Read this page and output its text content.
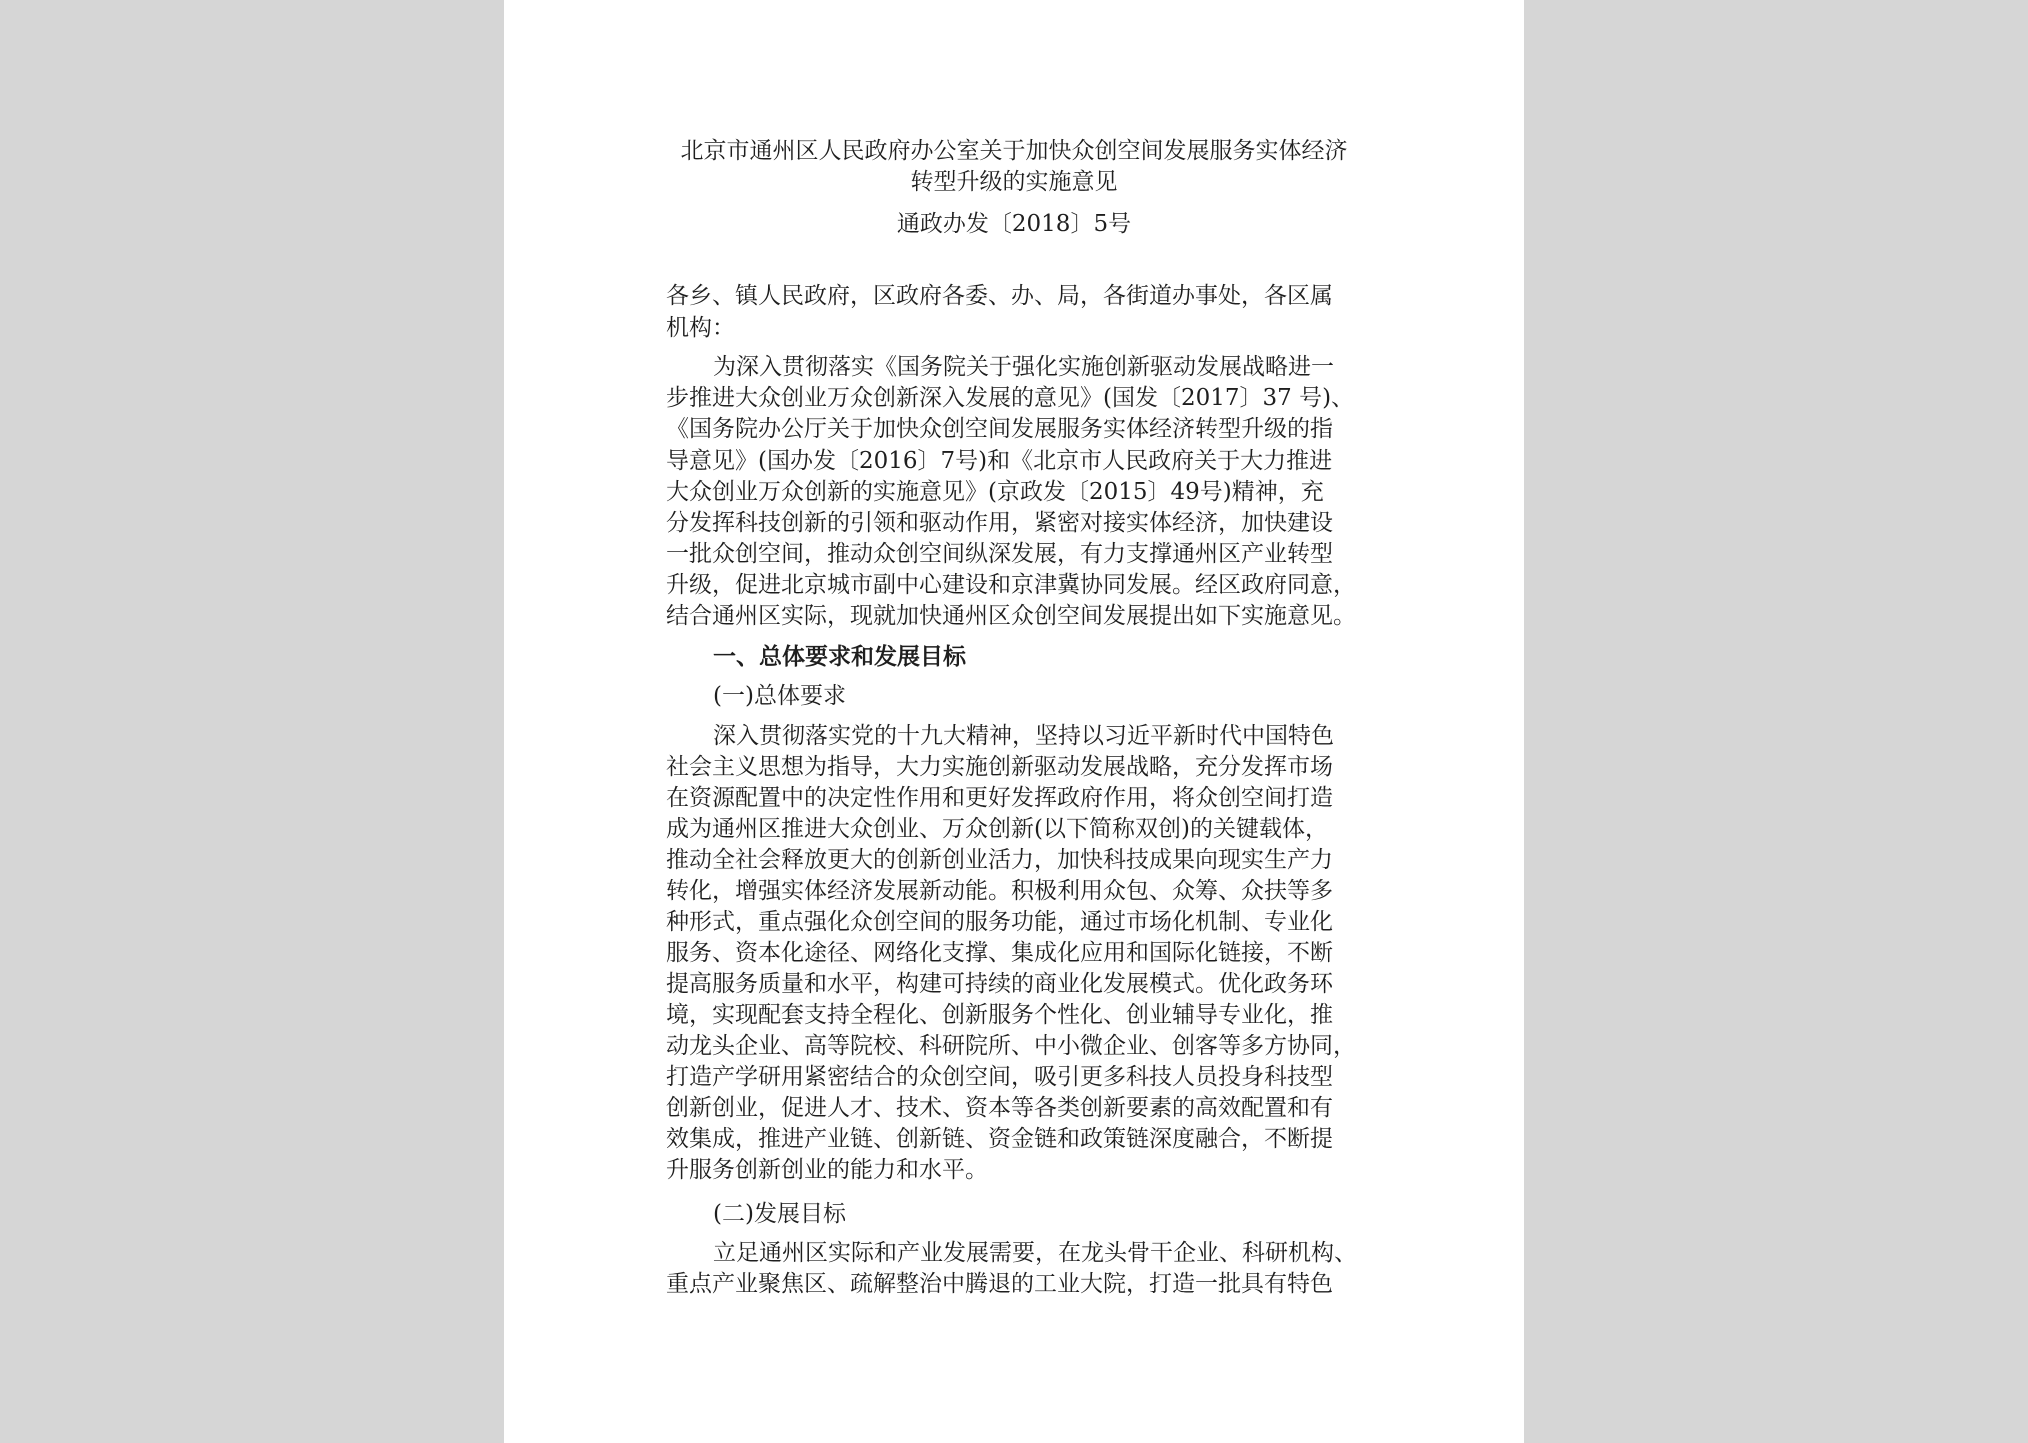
北京市通州区人民政府办公室关于加快众创空间发展服务实体经济
转型升级的实施意见
通政办发〔2018〕5号
各乡、镇人民政府，区政府各委、办、局，各街道办事处，各区属
机构：
为深入贯彻落实《国务院关于强化实施创新驱动发展战略进一
步推进大众创业万众创新深入发展的意见》(国发〔2017〕37 号)、
《国务院办公厅关于加快众创空间发展服务实体经济转型升级的指
导意见》(国办发〔2016〕7号)和《北京市人民政府关于大力推进
大众创业万众创新的实施意见》(京政发〔2015〕49号)精神，充
分发挥科技创新的引领和驱动作用，紧密对接实体经济，加快建设
一批众创空间，推动众创空间纵深发展，有力支撑通州区产业转型
升级，促进北京城市副中心建设和京津冀协同发展。经区政府同意，
结合通州区实际，现就加快通州区众创空间发展提出如下实施意见。
一、总体要求和发展目标
(一)总体要求
深入贯彻落实党的十九大精神，坚持以习近平新时代中国特色
社会主义思想为指导，大力实施创新驱动发展战略，充分发挥市场
在资源配置中的决定性作用和更好发挥政府作用，将众创空间打造
成为通州区推进大众创业、万众创新(以下简称双创)的关键载体，
推动全社会释放更大的创新创业活力，加快科技成果向现实生产力
转化，增强实体经济发展新动能。积极利用众包、众筹、众扶等多
种形式，重点强化众创空间的服务功能，通过市场化机制、专业化
服务、资本化途径、网络化支撑、集成化应用和国际化链接，不断
提高服务质量和水平，构建可持续的商业化发展模式。优化政务环
境，实现配套支持全程化、创新服务个性化、创业辅导专业化，推
动龙头企业、高等院校、科研院所、中小微企业、创客等多方协同，
打造产学研用紧密结合的众创空间，吸引更多科技人员投身科技型
创新创业，促进人才、技术、资本等各类创新要素的高效配置和有
效集成，推进产业链、创新链、资金链和政策链深度融合，不断提
升服务创新创业的能力和水平。
(二)发展目标
立足通州区实际和产业发展需要，在龙头骨干企业、科研机构、
重点产业聚焦区、疏解整治中腾退的工业大院，打造一批具有特色
